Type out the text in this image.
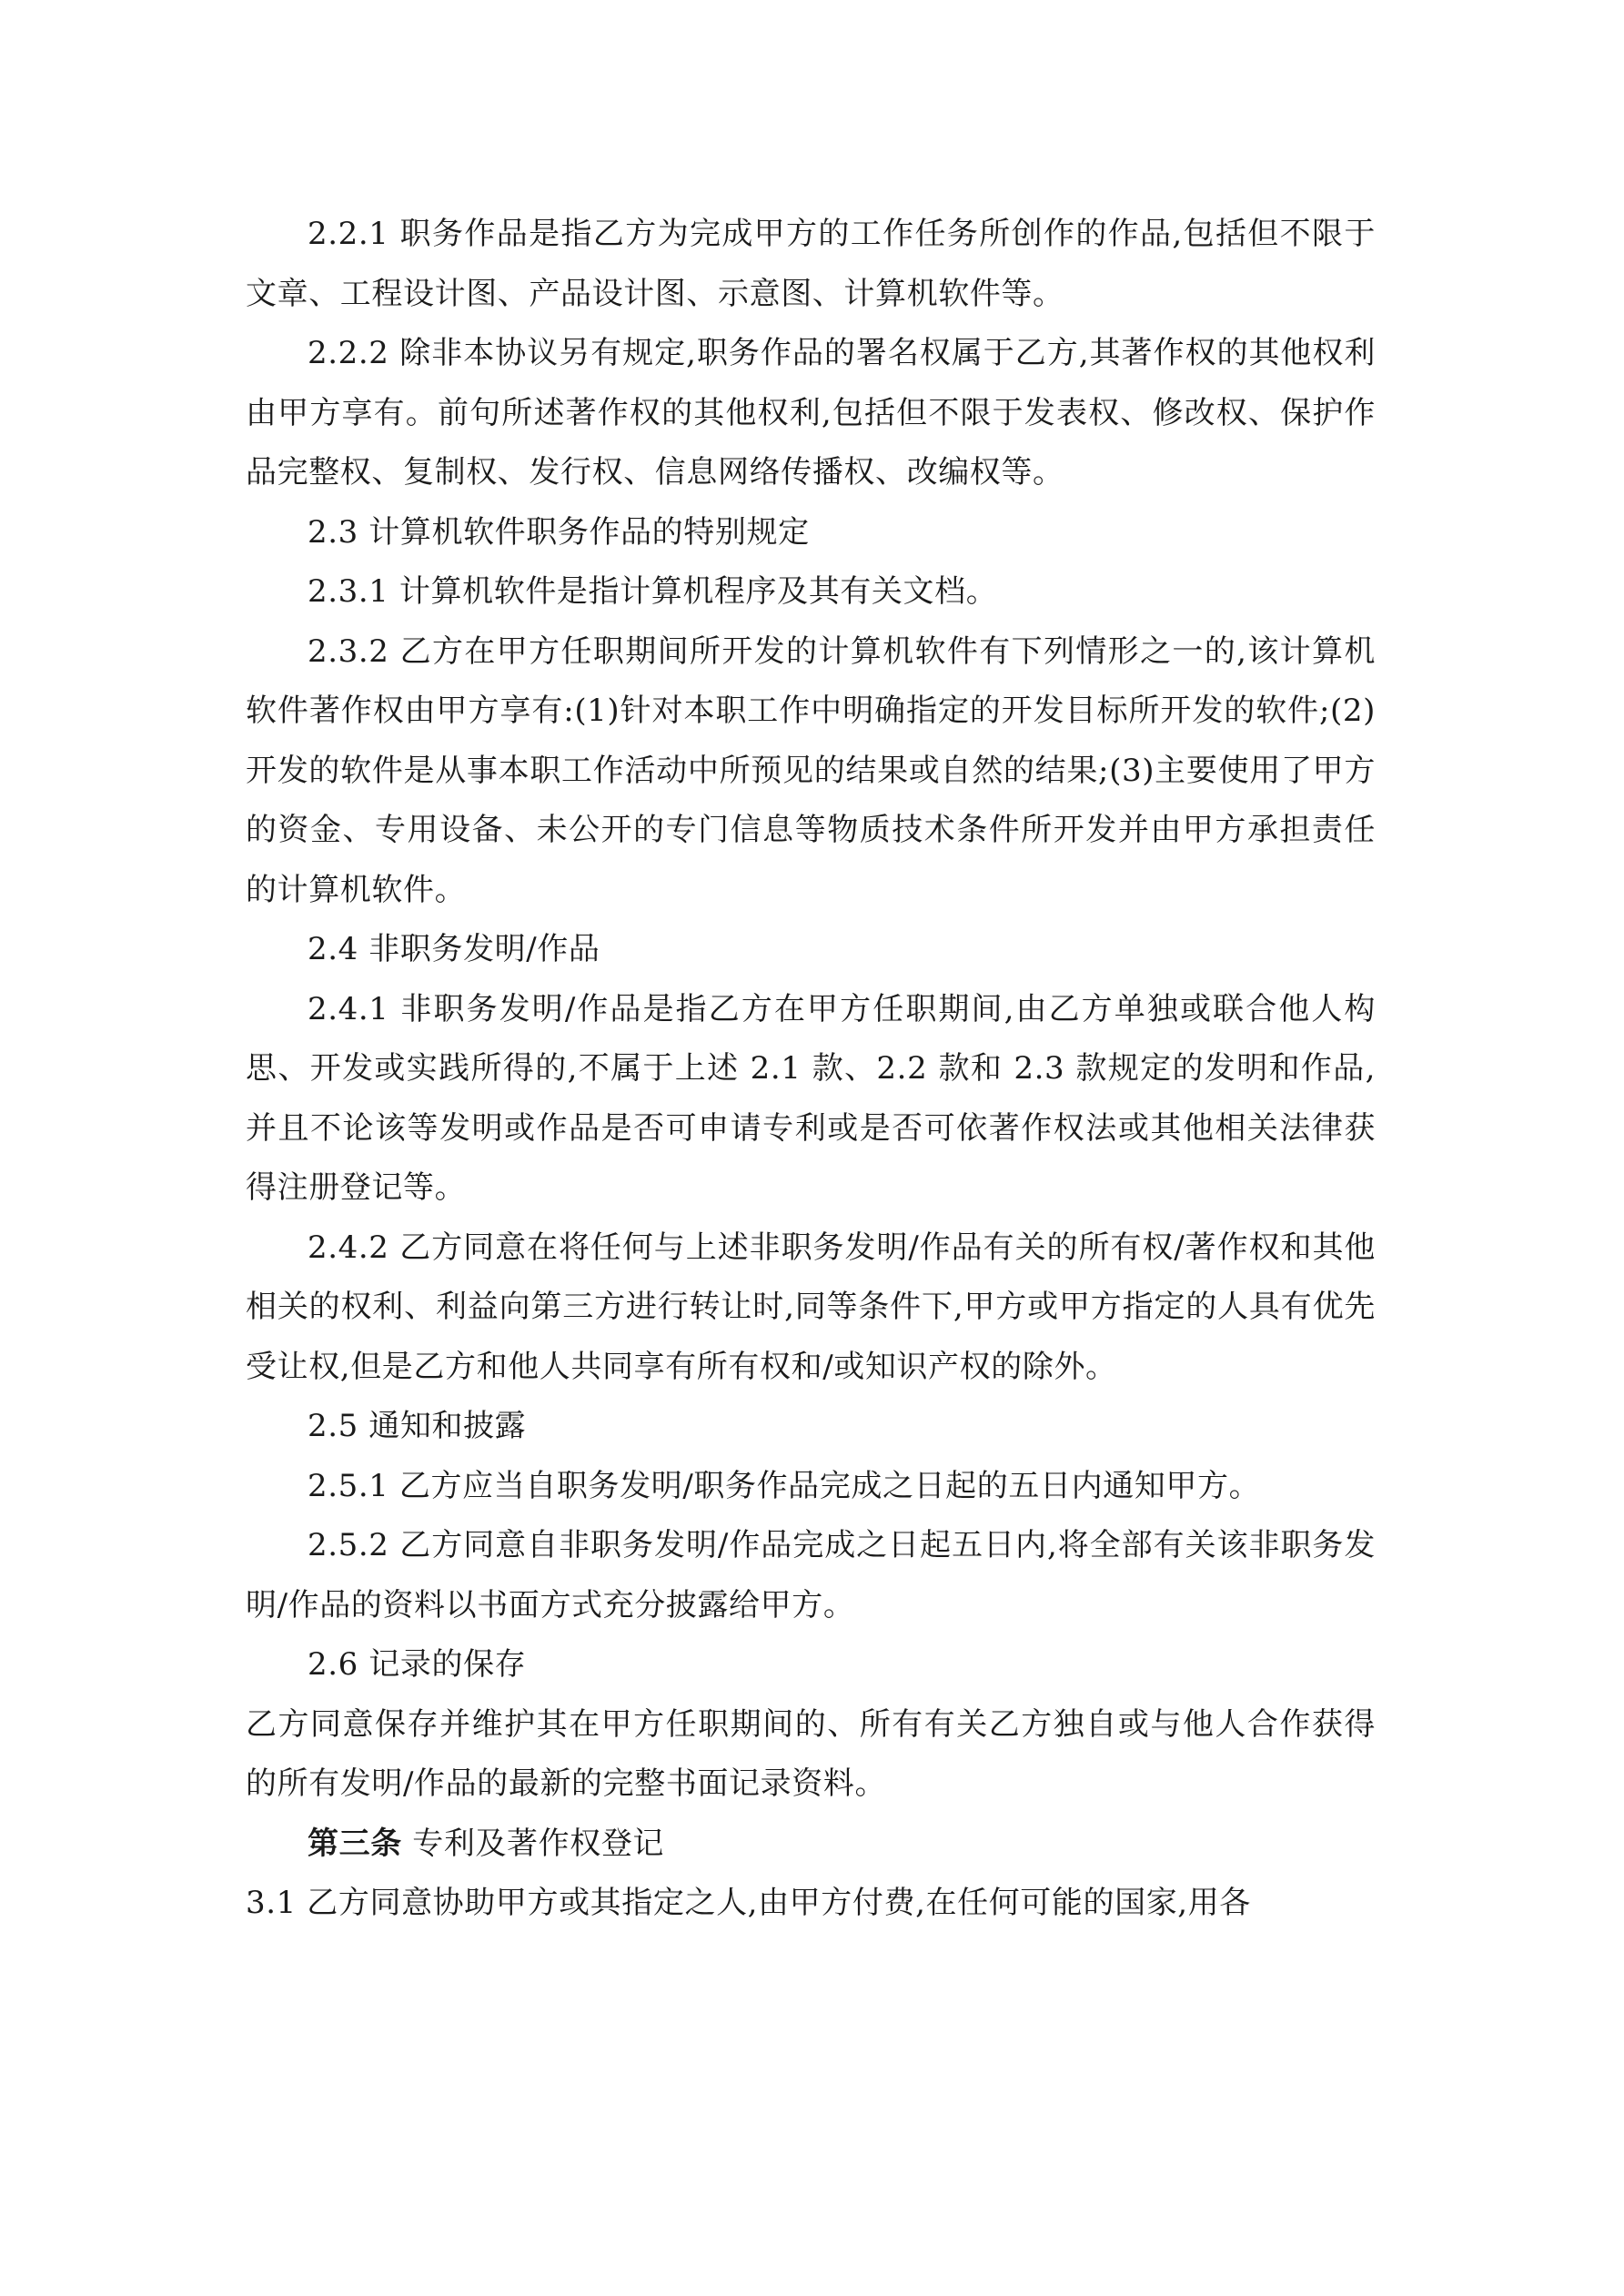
2.2.1 职务作品是指乙方为完成甲方的工作任务所创作的作品,包括但不限于文章、工程设计图、产品设计图、示意图、计算机软件等。

2.2.2 除非本协议另有规定,职务作品的署名权属于乙方,其著作权的其他权利由甲方享有。前句所述著作权的其他权利,包括但不限于发表权、修改权、保护作品完整权、复制权、发行权、信息网络传播权、改编权等。

2.3 计算机软件职务作品的特别规定

2.3.1 计算机软件是指计算机程序及其有关文档。

2.3.2 乙方在甲方任职期间所开发的计算机软件有下列情形之一的,该计算机软件著作权由甲方享有:(1)针对本职工作中明确指定的开发目标所开发的软件;(2)开发的软件是从事本职工作活动中所预见的结果或自然的结果;(3)主要使用了甲方的资金、专用设备、未公开的专门信息等物质技术条件所开发并由甲方承担责任的计算机软件。

2.4 非职务发明/作品

2.4.1 非职务发明/作品是指乙方在甲方任职期间,由乙方单独或联合他人构思、开发或实践所得的,不属于上述 2.1 款、2.2 款和 2.3 款规定的发明和作品,并且不论该等发明或作品是否可申请专利或是否可依著作权法或其他相关法律获得注册登记等。

2.4.2 乙方同意在将任何与上述非职务发明/作品有关的所有权/著作权和其他相关的权利、利益向第三方进行转让时,同等条件下,甲方或甲方指定的人具有优先受让权,但是乙方和他人共同享有所有权和/或知识产权的除外。

2.5 通知和披露

2.5.1 乙方应当自职务发明/职务作品完成之日起的五日内通知甲方。

2.5.2 乙方同意自非职务发明/作品完成之日起五日内,将全部有关该非职务发明/作品的资料以书面方式充分披露给甲方。

2.6 记录的保存

乙方同意保存并维护其在甲方任职期间的、所有有关乙方独自或与他人合作获得的所有发明/作品的最新的完整书面记录资料。

第三条 专利及著作权登记

3.1 乙方同意协助甲方或其指定之人,由甲方付费,在任何可能的国家,用各
